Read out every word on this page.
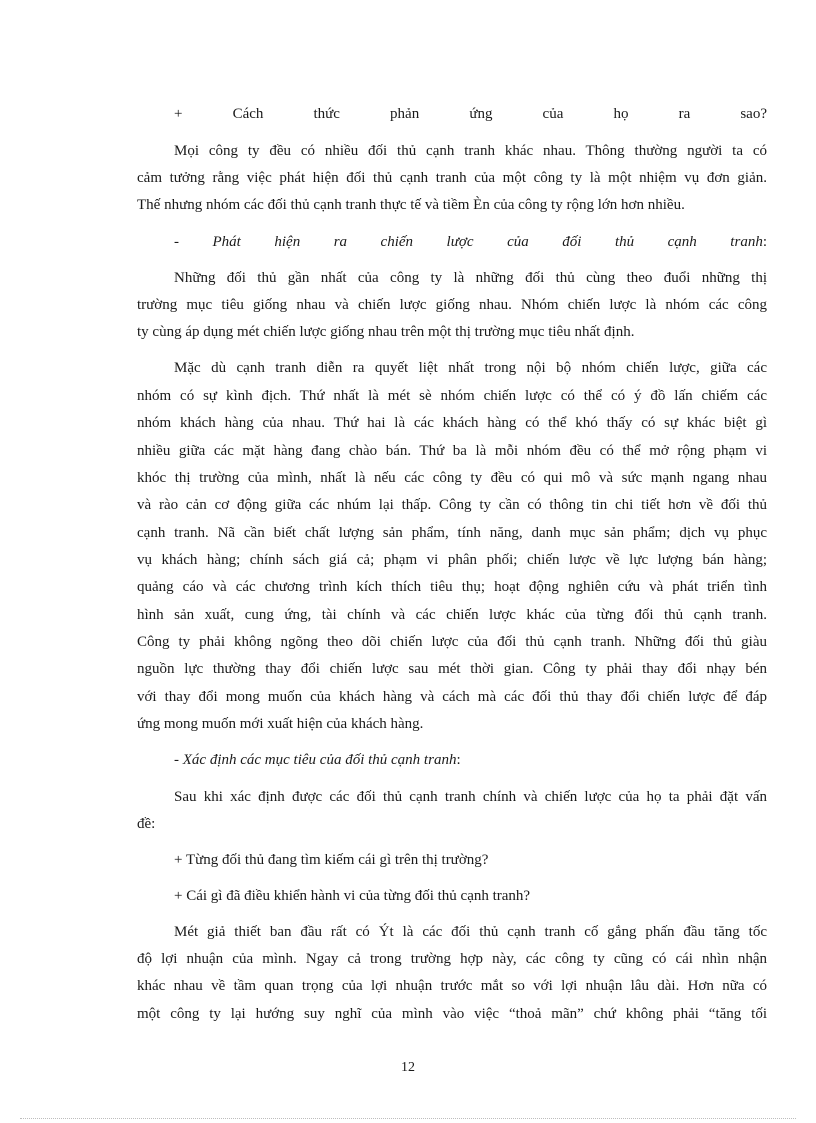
+ Cách thức phản ứng của họ ra sao?
Mọi công ty đều có nhiều đối thủ cạnh tranh khác nhau. Thông thường người ta có
cảm tưởng rằng việc phát hiện đối thủ cạnh tranh của một công ty là một nhiệm vụ đơn giản.
Thế nhưng nhóm các đối thủ cạnh tranh thực tế và tiềm Èn của công ty rộng lớn hơn nhiều.
- Phát hiện ra chiến lược của đối thủ cạnh tranh:
Những đối thủ gần nhất của công ty là những đối thủ cùng theo đuổi những thị
trường mục tiêu giống nhau và chiến lược giống nhau. Nhóm chiến lược là nhóm các công
ty cùng áp dụng mét chiến lược giống nhau trên một thị trường mục tiêu nhất định.
Mặc dù cạnh tranh diễn ra quyết liệt nhất trong nội bộ nhóm chiến lược, giữa các
nhóm có sự kình địch. Thứ nhất là mét sè nhóm chiến lược có thể có ý đồ lấn chiếm các
nhóm khách hàng của nhau. Thứ hai là các khách hàng có thể khó thấy có sự khác biệt gì
nhiều giữa các mặt hàng đang chào bán. Thứ ba là mỗi nhóm đều có thể mở rộng phạm vi
khóc thị trường của mình, nhất là nếu các công ty đều có qui mô và sức mạnh ngang nhau
và rào cản cơ động giữa các nhúm lại thấp. Công ty cần có thông tin chi tiết hơn về đối thủ
cạnh tranh. Nã cần biết chất lượng sản phẩm, tính năng, danh mục sản phẩm; dịch vụ phục
vụ khách hàng; chính sách giá cả; phạm vi phân phối; chiến lược về lực lượng bán hàng;
quảng cáo và các chương trình kích thích tiêu thụ; hoạt động nghiên cứu và phát triển tình
hình sản xuất, cung ứng, tài chính và các chiến lược khác của từng đối thủ cạnh tranh.
Công ty phải không ngõng theo dõi chiến lược của đối thủ cạnh tranh. Những đối thủ giàu
nguồn lực thường thay đổi chiến lược sau mét thời gian. Công ty phải thay đổi nhạy bén
với thay đổi mong muốn của khách hàng và cách mà các đối thủ thay đổi chiến lược để đáp
ứng mong muốn mới xuất hiện của khách hàng.
- Xác định các mục tiêu của đối thủ cạnh tranh:
Sau khi xác định được các đối thủ cạnh tranh chính và chiến lược của họ ta phải đặt vấn
đề:
+ Từng đối thủ đang tìm kiếm cái gì trên thị trường?
+ Cái gì đã điều khiển hành vi của từng đối thủ cạnh tranh?
Mét giả thiết ban đầu rất có Ýt là các đối thủ cạnh tranh cố gắng phấn đầu tăng tốc
độ lợi nhuận của mình. Ngay cả trong trường hợp này, các công ty cũng có cái nhìn nhận
khác nhau về tầm quan trọng của lợi nhuận trước mắt so với lợi nhuận lâu dài. Hơn nữa có
một công ty lại hướng suy nghĩ của mình vào việc “thoả mãn” chứ không phải “tăng tối
12
